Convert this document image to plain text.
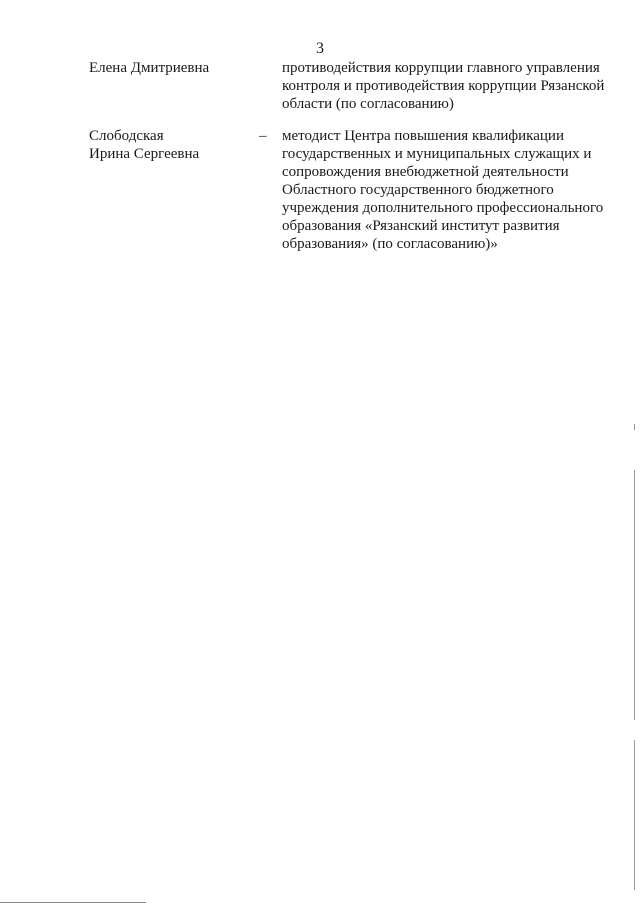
3
Елена Дмитриевна	противодействия коррупции главного управления
контроля и противодействия коррупции Рязанской
области (по согласованию)
Слободская
Ирина Сергеевна
–	методист Центра повышения квалификации
государственных и муниципальных служащих и
сопровождения внебюджетной деятельности
Областного государственного бюджетного
учреждения дополнительного профессионального
образования «Рязанский институт развития
образования» (по согласованию)»
